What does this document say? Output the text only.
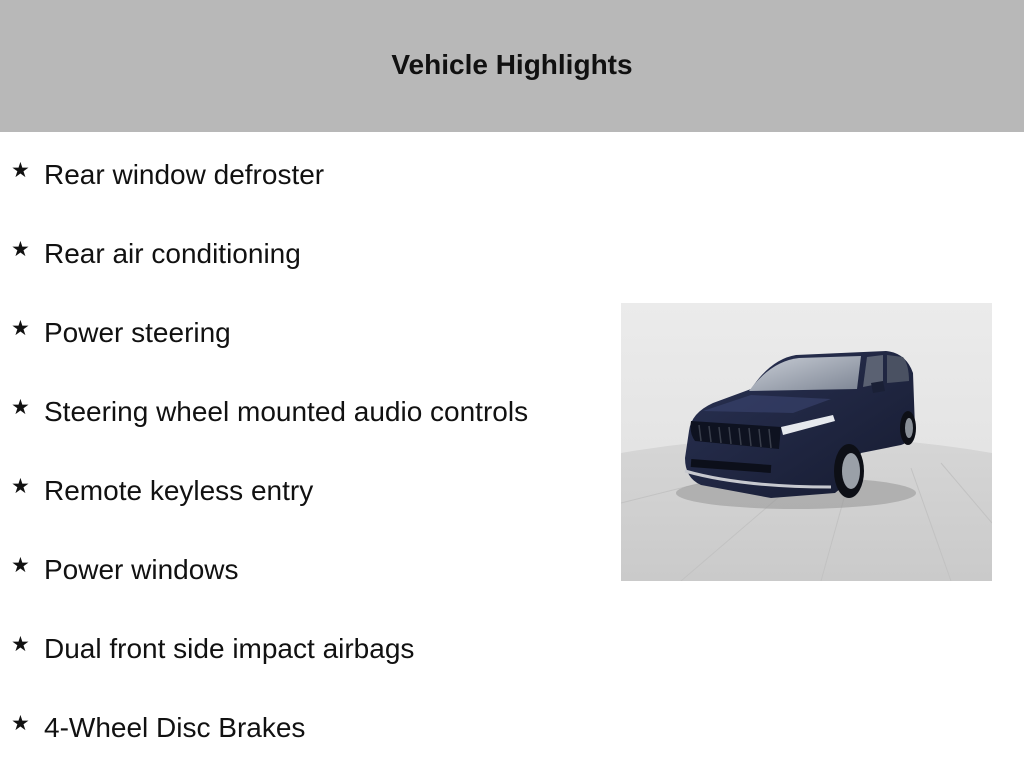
Vehicle Highlights
★ Rear window defroster
★ Rear air conditioning
★ Power steering
★ Steering wheel mounted audio controls
★ Remote keyless entry
★ Power windows
★ Dual front side impact airbags
★ 4-Wheel Disc Brakes
